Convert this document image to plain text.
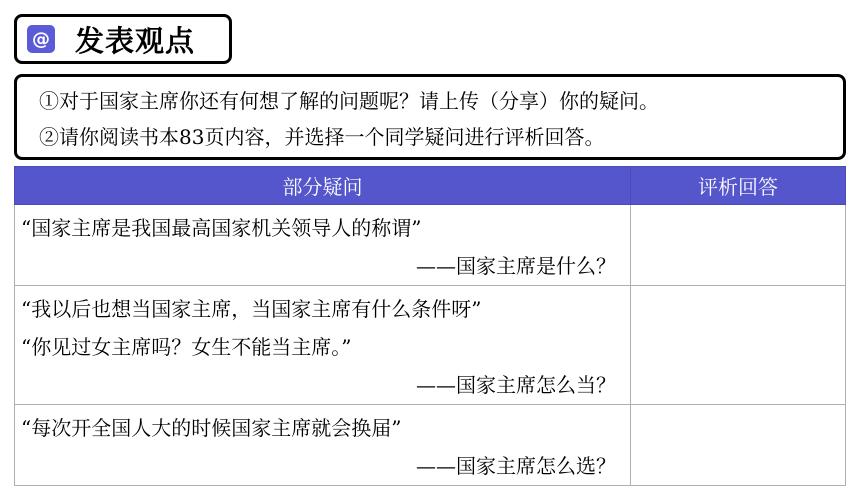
@ 发表观点
①对于国家主席你还有何想了解的问题呢？请上传（分享）你的疑问。
②请你阅读书本83页内容，并选择一个同学疑问进行评析回答。
部分疑问	评析回答

“国家主席是我国最高国家机关领导人的称谓”
——国家主席是什么？	

“我以后也想当国家主席，当国家主席有什么条件呀”
“你见过女主席吗？女生不能当主席。”
——国家主席怎么当？	

“每次开全国人大的时候国家主席就会换届”
——国家主席怎么选？	
